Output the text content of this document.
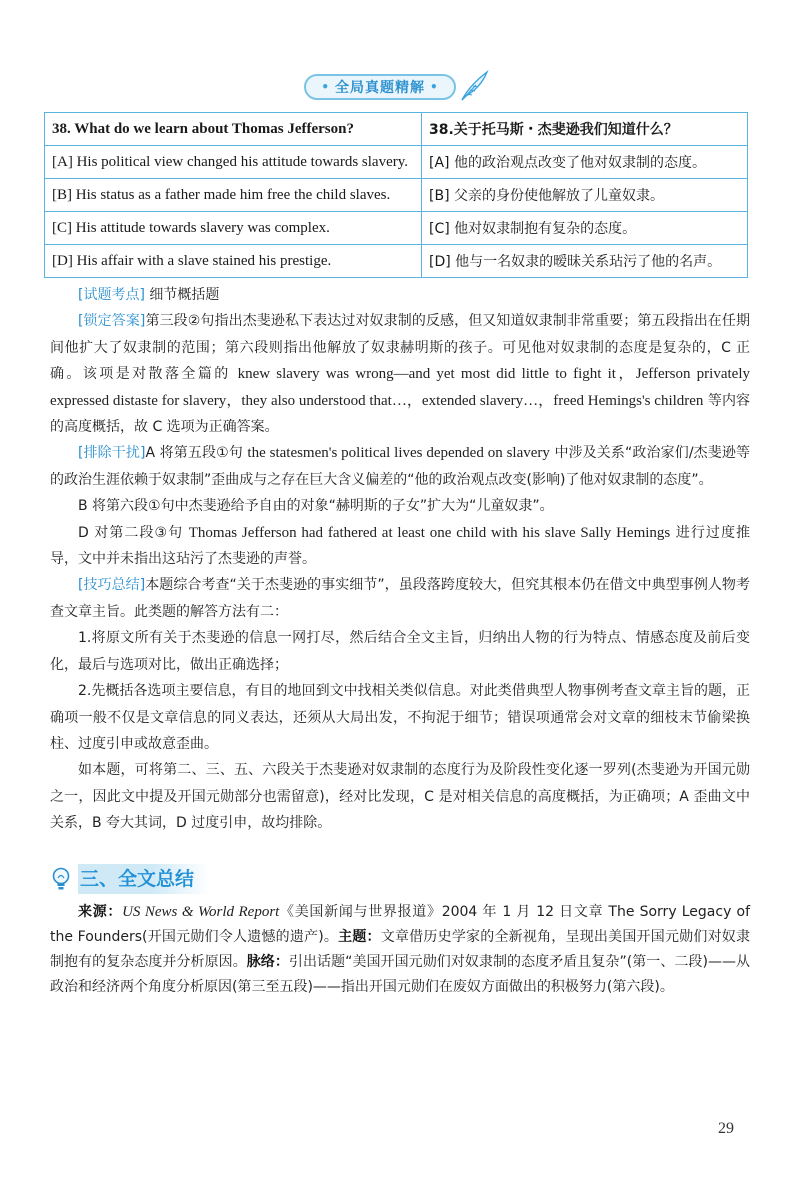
• 全局真题精解 •
38. What do we learn about Thomas Jefferson?	38.关于托马斯・杰斐逊我们知道什么？
[A] His political view changed his attitude towards slavery.	[A] 他的政治观点改变了他对奴隶制的态度。
[B] His status as a father made him free the child slaves.	[B] 父亲的身份使他解放了儿童奴隶。
[C] His attitude towards slavery was complex.	[C] 他对奴隶制抱有复杂的态度。
[D] His affair with a slave stained his prestige.	[D] 他与一名奴隶的暧昧关系玷污了他的名声。

[试题考点] 细节概括题

[锁定答案]第三段②句指出杰斐逊私下表达过对奴隶制的反感，但又知道奴隶制非常重要；第五段指出在任期间他扩大了奴隶制的范围；第六段则指出他解放了奴隶赫明斯的孩子。可见他对奴隶制的态度是复杂的，C 正确。该项是对散落全篇的 knew slavery was wrong—and yet most did little to fight it，Jefferson privately expressed distaste for slavery，they also understood that…，extended slavery…，freed Hemings's children 等内容的高度概括，故 C 选项为正确答案。

[排除干扰]A 将第五段①句 the statesmen's political lives depended on slavery 中涉及关系“政治家们/杰斐逊等的政治生涯依赖于奴隶制”歪曲成与之存在巨大含义偏差的“他的政治观点改变(影响)了他对奴隶制的态度”。

B 将第六段①句中杰斐逊给予自由的对象“赫明斯的子女”扩大为“儿童奴隶”。

D 对第二段③句 Thomas Jefferson had fathered at least one child with his slave Sally Hemings 进行过度推导，文中并未指出这玷污了杰斐逊的声誉。

[技巧总结]本题综合考查“关于杰斐逊的事实细节”，虽段落跨度较大，但究其根本仍在借文中典型事例人物考查文章主旨。此类题的解答方法有二：

1.将原文所有关于杰斐逊的信息一网打尽，然后结合全文主旨，归纳出人物的行为特点、情感态度及前后变化，最后与选项对比，做出正确选择；

2.先概括各选项主要信息，有目的地回到文中找相关类似信息。对此类借典型人物事例考查文章主旨的题，正确项一般不仅是文章信息的同义表达，还须从大局出发，不拘泥于细节；错误项通常会对文章的细枝末节偷梁换柱、过度引申或故意歪曲。

如本题，可将第二、三、五、六段关于杰斐逊对奴隶制的态度行为及阶段性变化逐一罗列(杰斐逊为开国元勋之一，因此文中提及开国元勋部分也需留意)，经对比发现，C 是对相关信息的高度概括，为正确项；A 歪曲文中关系，B 夸大其词，D 过度引申，故均排除。

三、全文总结

来源：US News & World Report《美国新闻与世界报道》2004 年 1 月 12 日文章 The Sorry Legacy of the Founders(开国元勋们令人遗憾的遗产)。主题：文章借历史学家的全新视角，呈现出美国开国元勋们对奴隶制抱有的复杂态度并分析原因。脉络：引出话题“美国开国元勋们对奴隶制的态度矛盾且复杂”(第一、二段)——从政治和经济两个角度分析原因(第三至五段)——指出开国元勋们在废奴方面做出的积极努力(第六段)。

29
